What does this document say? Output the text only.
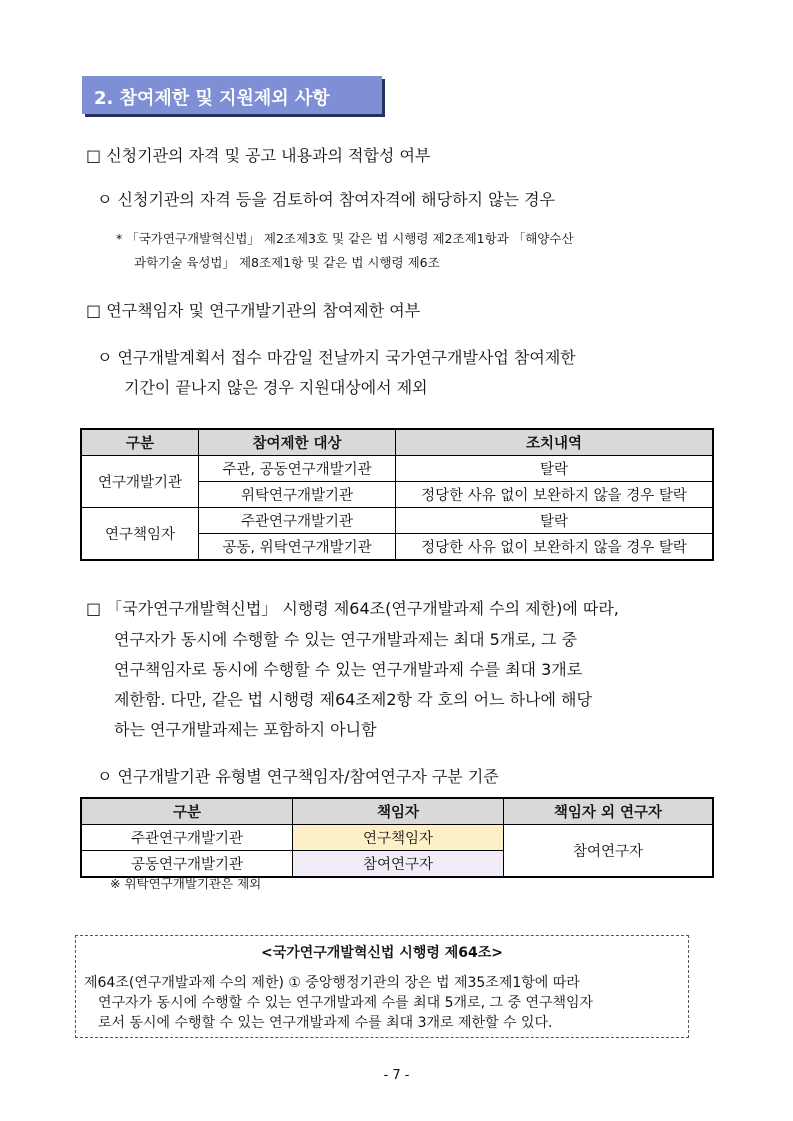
2. 참여제한 및 지원제외 사항
□ 신청기관의 자격 및 공고 내용과의 적합성 여부
ㅇ 신청기관의 자격 등을 검토하여 참여자격에 해당하지 않는 경우
* 「국가연구개발혁신법」 제2조제3호 및 같은 법 시행령 제2조제1항과 「해양수산
과학기술 육성법」 제8조제1항 및 같은 법 시행령 제6조
□ 연구책임자 및 연구개발기관의 참여제한 여부
ㅇ 연구개발계획서 접수 마감일 전날까지 국가연구개발사업 참여제한
기간이 끝나지 않은 경우 지원대상에서 제외
구분	참여제한 대상	조치내역
연구개발기관	주관, 공동연구개발기관	탈락
	위탁연구개발기관	정당한 사유 없이 보완하지 않을 경우 탈락
연구책임자	주관연구개발기관	탈락
	공동, 위탁연구개발기관	정당한 사유 없이 보완하지 않을 경우 탈락
□ 「국가연구개발혁신법」 시행령 제64조(연구개발과제 수의 제한)에 따라,
연구자가 동시에 수행할 수 있는 연구개발과제는 최대 5개로, 그 중
연구책임자로 동시에 수행할 수 있는 연구개발과제 수를 최대 3개로
제한함. 다만, 같은 법 시행령 제64조제2항 각 호의 어느 하나에 해당
하는 연구개발과제는 포함하지 아니함
ㅇ 연구개발기관 유형별 연구책임자/참여연구자 구분 기준
구분	책임자	책임자 외 연구자
주관연구개발기관	연구책임자	참여연구자
공동연구개발기관	참여연구자	
※ 위탁연구개발기관은 제외
<국가연구개발혁신법 시행령 제64조>
제64조(연구개발과제 수의 제한) ① 중앙행정기관의 장은 법 제35조제1항에 따라
연구자가 동시에 수행할 수 있는 연구개발과제 수를 최대 5개로, 그 중 연구책임자
로서 동시에 수행할 수 있는 연구개발과제 수를 최대 3개로 제한할 수 있다.
- 7 -
